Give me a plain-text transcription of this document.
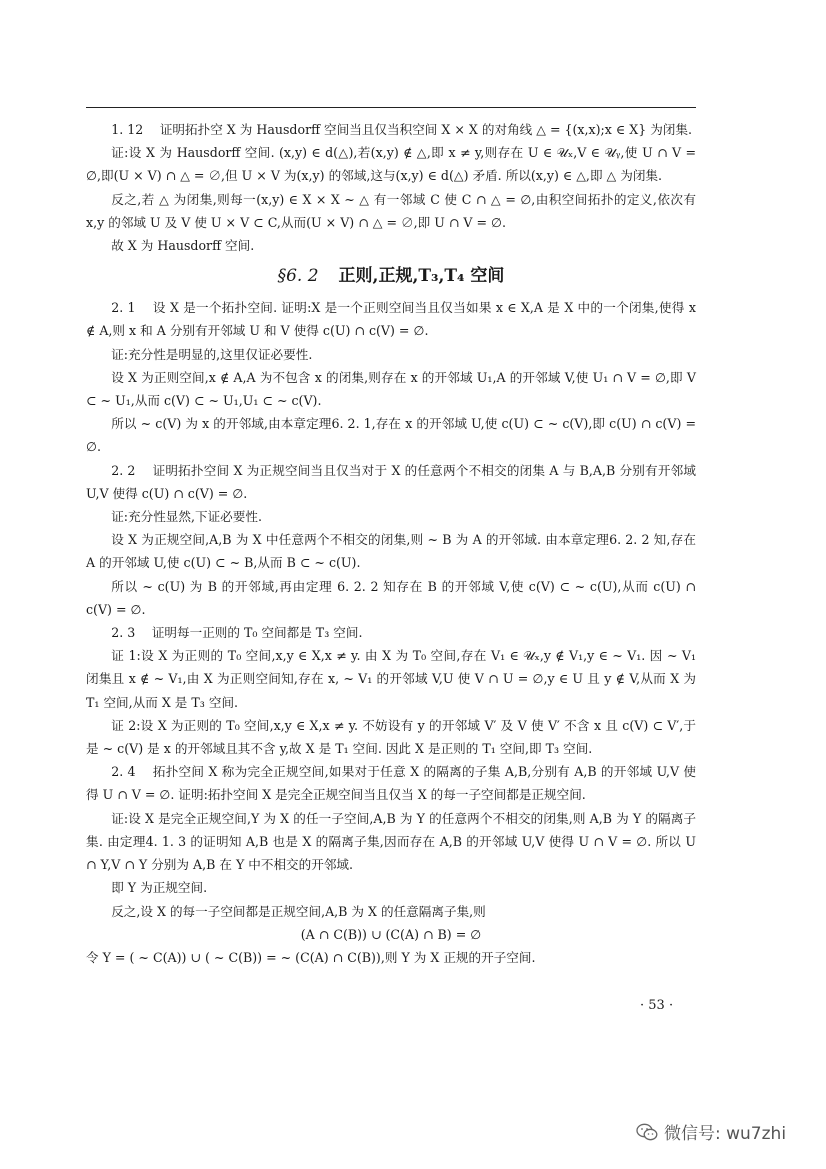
1. 12　 证明拓扑空 X 为 Hausdorff 空间当且仅当积空间 X × X 的对角线 △ = {(x,x);x ∈ X} 为闭集.

证:设 X 为 Hausdorff 空间. (x,y) ∈ d(△),若(x,y) ∉ △,即 x ≠ y,则存在 U ∈ 𝒰ₓ,V ∈ 𝒰ᵧ,使 U ∩ V = ∅,即(U × V) ∩ △ = ∅,但 U × V 为(x,y) 的邻域,这与(x,y) ∈ d(△) 矛盾. 所以(x,y) ∈ △,即 △ 为闭集.

反之,若 △ 为闭集,则每一(x,y) ∈ X × X ~ △ 有一邻域 C 使 C ∩ △ = ∅,由积空间拓扑的定义,依次有 x,y 的邻域 U 及 V 使 U × V ⊂ C,从而(U × V) ∩ △ = ∅,即 U ∩ V = ∅.

故 X 为 Hausdorff 空间.

§6. 2 正则,正规,T₃,T₄ 空间

2. 1　 设 X 是一个拓扑空间. 证明:X 是一个正则空间当且仅当如果 x ∈ X,A 是 X 中的一个闭集,使得 x ∉ A,则 x 和 A 分别有开邻域 U 和 V 使得 c(U) ∩ c(V) = ∅.

证:充分性是明显的,这里仅证必要性.

设 X 为正则空间,x ∉ A,A 为不包含 x 的闭集,则存在 x 的开邻域 U₁,A 的开邻域 V,使 U₁ ∩ V = ∅,即 V ⊂ ~ U₁,从而 c(V) ⊂ ~ U₁,U₁ ⊂ ~ c(V).

所以 ~ c(V) 为 x 的开邻域,由本章定理6. 2. 1,存在 x 的开邻域 U,使 c(U) ⊂ ~ c(V),即 c(U) ∩ c(V) = ∅.

2. 2　 证明拓扑空间 X 为正规空间当且仅当对于 X 的任意两个不相交的闭集 A 与 B,A,B 分别有开邻域 U,V 使得 c(U) ∩ c(V) = ∅.

证:充分性显然,下证必要性.

设 X 为正规空间,A,B 为 X 中任意两个不相交的闭集,则 ~ B 为 A 的开邻域. 由本章定理6. 2. 2 知,存在 A 的开邻域 U,使 c(U) ⊂ ~ B,从而 B ⊂ ~ c(U).

所以 ~ c(U) 为 B 的开邻域,再由定理 6. 2. 2 知存在 B 的开邻域 V,使 c(V) ⊂ ~ c(U),从而 c(U) ∩ c(V) = ∅.

2. 3　 证明每一正则的 T₀ 空间都是 T₃ 空间.

证 1:设 X 为正则的 T₀ 空间,x,y ∈ X,x ≠ y. 由 X 为 T₀ 空间,存在 V₁ ∈ 𝒰ₓ,y ∉ V₁,y ∈ ~ V₁. 因 ~ V₁ 闭集且 x ∉ ~ V₁,由 X 为正则空间知,存在 x, ~ V₁ 的开邻域 V,U 使 V ∩ U = ∅,y ∈ U 且 y ∉ V,从而 X 为 T₁ 空间,从而 X 是 T₃ 空间.

证 2:设 X 为正则的 T₀ 空间,x,y ∈ X,x ≠ y. 不妨设有 y 的开邻域 V′ 及 V 使 V′ 不含 x 且 c(V) ⊂ V′,于是 ~ c(V) 是 x 的开邻域且其不含 y,故 X 是 T₁ 空间. 因此 X 是正则的 T₁ 空间,即 T₃ 空间.

2. 4　 拓扑空间 X 称为完全正规空间,如果对于任意 X 的隔离的子集 A,B,分别有 A,B 的开邻域 U,V 使得 U ∩ V = ∅. 证明:拓扑空间 X 是完全正规空间当且仅当 X 的每一子空间都是正规空间.

证:设 X 是完全正规空间,Y 为 X 的任一子空间,A,B 为 Y 的任意两个不相交的闭集,则 A,B 为 Y 的隔离子集. 由定理4. 1. 3 的证明知 A,B 也是 X 的隔离子集,因而存在 A,B 的开邻域 U,V 使得 U ∩ V = ∅. 所以 U ∩ Y,V ∩ Y 分别为 A,B 在 Y 中不相交的开邻域.

即 Y 为正规空间.

反之,设 X 的每一子空间都是正规空间,A,B 为 X 的任意隔离子集,则

(A ∩ C(B)) ∪ (C(A) ∩ B) = ∅

令 Y = ( ~ C(A)) ∪ ( ~ C(B)) = ~ (C(A) ∩ C(B)),则 Y 为 X 正规的开子空间.

· 53 ·
微信号: wu7zhi
